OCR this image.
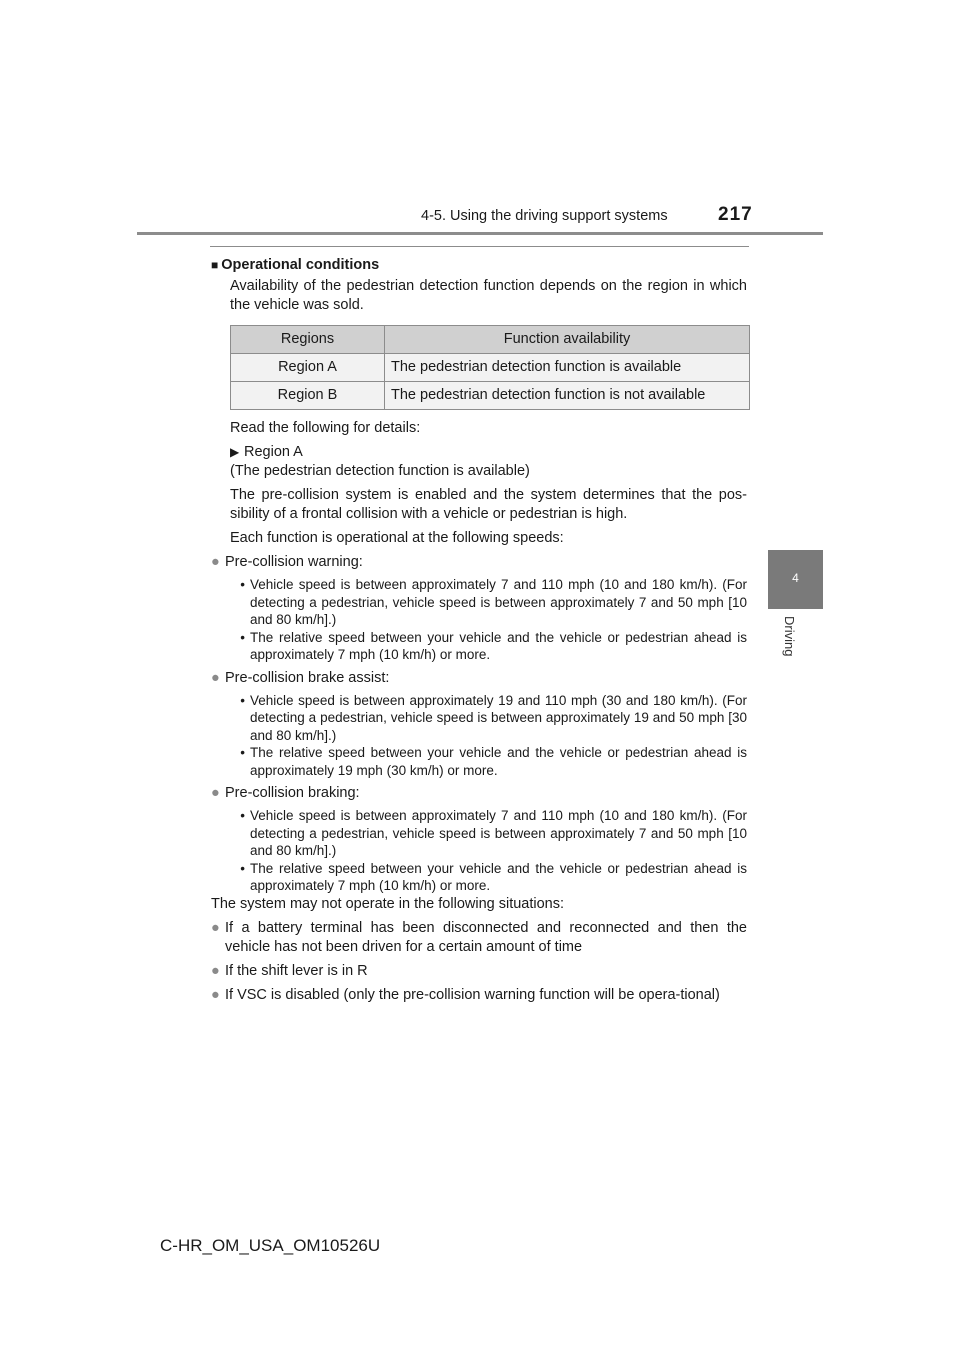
4-5. Using the driving support systems	217
4
Driving
■ Operational conditions

Availability of the pedestrian detection function depends on the region in which the vehicle was sold.

Regions	Function availability
Region A	The pedestrian detection function is available
Region B	The pedestrian detection function is not available

Read the following for details:

▶ Region A
(The pedestrian detection function is available)

The pre-collision system is enabled and the system determines that the pos-sibility of a frontal collision with a vehicle or pedestrian is high.

Each function is operational at the following speeds:

● Pre-collision warning:
• Vehicle speed is between approximately 7 and 110 mph (10 and 180 km/h). (For detecting a pedestrian, vehicle speed is between approximately 7 and 50 mph [10 and 80 km/h].)
• The relative speed between your vehicle and the vehicle or pedestrian ahead is approximately 7 mph (10 km/h) or more.
● Pre-collision brake assist:
• Vehicle speed is between approximately 19 and 110 mph (30 and 180 km/h). (For detecting a pedestrian, vehicle speed is between approximately 19 and 50 mph [30 and 80 km/h].)
• The relative speed between your vehicle and the vehicle or pedestrian ahead is approximately 19 mph (30 km/h) or more.
● Pre-collision braking:
• Vehicle speed is between approximately 7 and 110 mph (10 and 180 km/h). (For detecting a pedestrian, vehicle speed is between approximately 7 and 50 mph [10 and 80 km/h].)
• The relative speed between your vehicle and the vehicle or pedestrian ahead is approximately 7 mph (10 km/h) or more.

The system may not operate in the following situations:

● If a battery terminal has been disconnected and reconnected and then the vehicle has not been driven for a certain amount of time
● If the shift lever is in R
● If VSC is disabled (only the pre-collision warning function will be opera-tional)
C-HR_OM_USA_OM10526U
